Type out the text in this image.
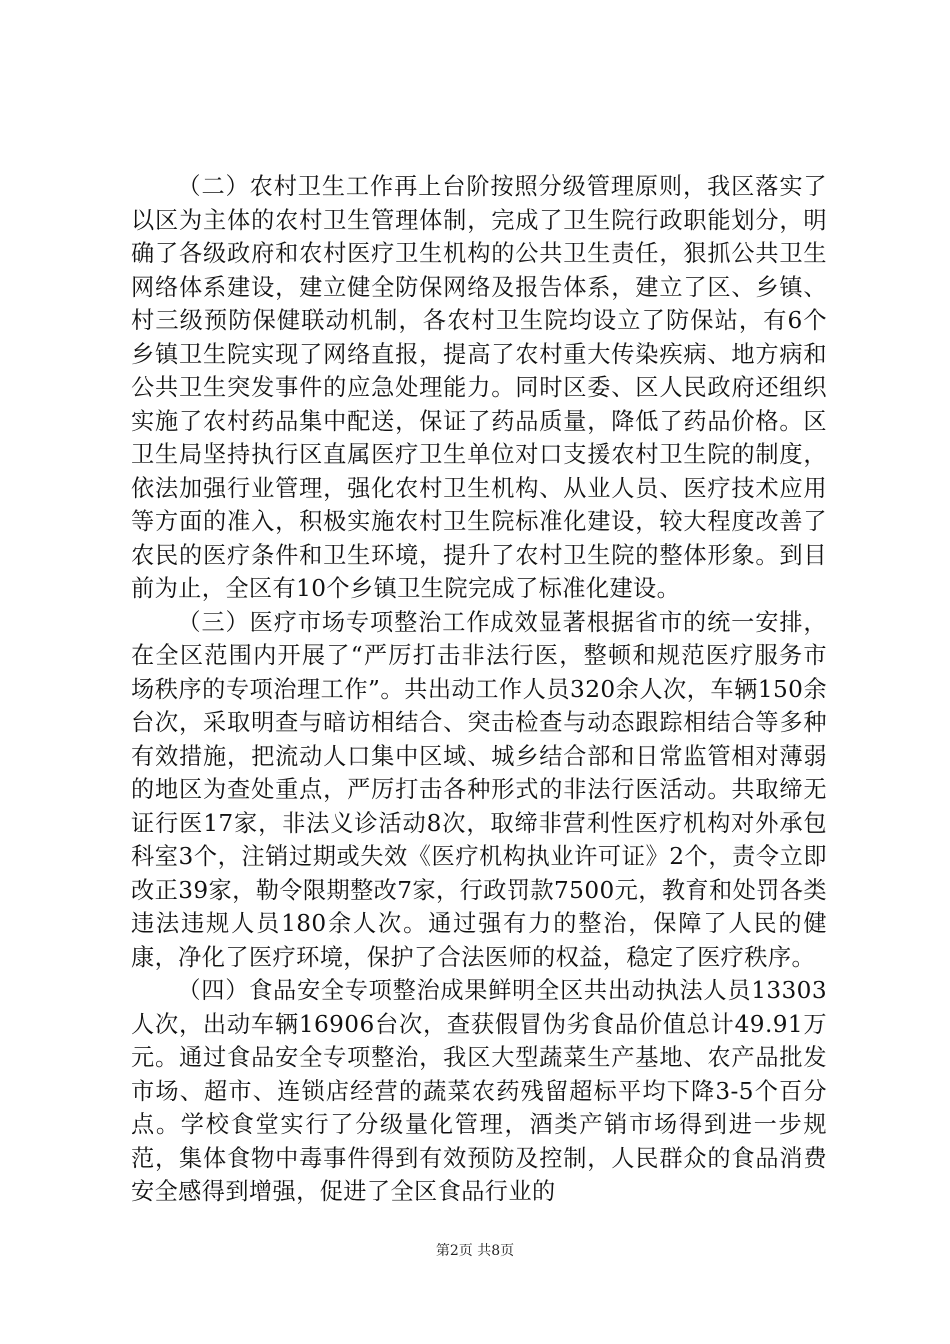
（二）农村卫生工作再上台阶按照分级管理原则，我区落实了以区为主体的农村卫生管理体制，完成了卫生院行政职能划分，明确了各级政府和农村医疗卫生机构的公共卫生责任，狠抓公共卫生网络体系建设，建立健全防保网络及报告体系，建立了区、乡镇、村三级预防保健联动机制，各农村卫生院均设立了防保站，有6个乡镇卫生院实现了网络直报，提高了农村重大传染疾病、地方病和公共卫生突发事件的应急处理能力。同时区委、区人民政府还组织实施了农村药品集中配送，保证了药品质量，降低了药品价格。区卫生局坚持执行区直属医疗卫生单位对口支援农村卫生院的制度，依法加强行业管理，强化农村卫生机构、从业人员、医疗技术应用等方面的准入，积极实施农村卫生院标准化建设，较大程度改善了农民的医疗条件和卫生环境，提升了农村卫生院的整体形象。到目前为止，全区有10个乡镇卫生院完成了标准化建设。

（三）医疗市场专项整治工作成效显著根据省市的统一安排，在全区范围内开展了“严厉打击非法行医，整顿和规范医疗服务市场秩序的专项治理工作”。共出动工作人员320余人次，车辆150余台次，采取明查与暗访相结合、突击检查与动态跟踪相结合等多种有效措施，把流动人口集中区域、城乡结合部和日常监管相对薄弱的地区为查处重点，严厉打击各种形式的非法行医活动。共取缔无证行医17家，非法义诊活动8次，取缔非营利性医疗机构对外承包科室3个，注销过期或失效《医疗机构执业许可证》2个，责令立即改正39家，勒令限期整改7家，行政罚款7500元，教育和处罚各类违法违规人员180余人次。通过强有力的整治，保障了人民的健康，净化了医疗环境，保护了合法医师的权益，稳定了医疗秩序。

（四）食品安全专项整治成果鲜明全区共出动执法人员13303人次，出动车辆16906台次，查获假冒伪劣食品价值总计49.91万元。通过食品安全专项整治，我区大型蔬菜生产基地、农产品批发市场、超市、连锁店经营的蔬菜农药残留超标平均下降3-5个百分点。学校食堂实行了分级量化管理，酒类产销市场得到进一步规范，集体食物中毒事件得到有效预防及控制，人民群众的食品消费安全感得到增强，促进了全区食品行业的

第2页 共8页
